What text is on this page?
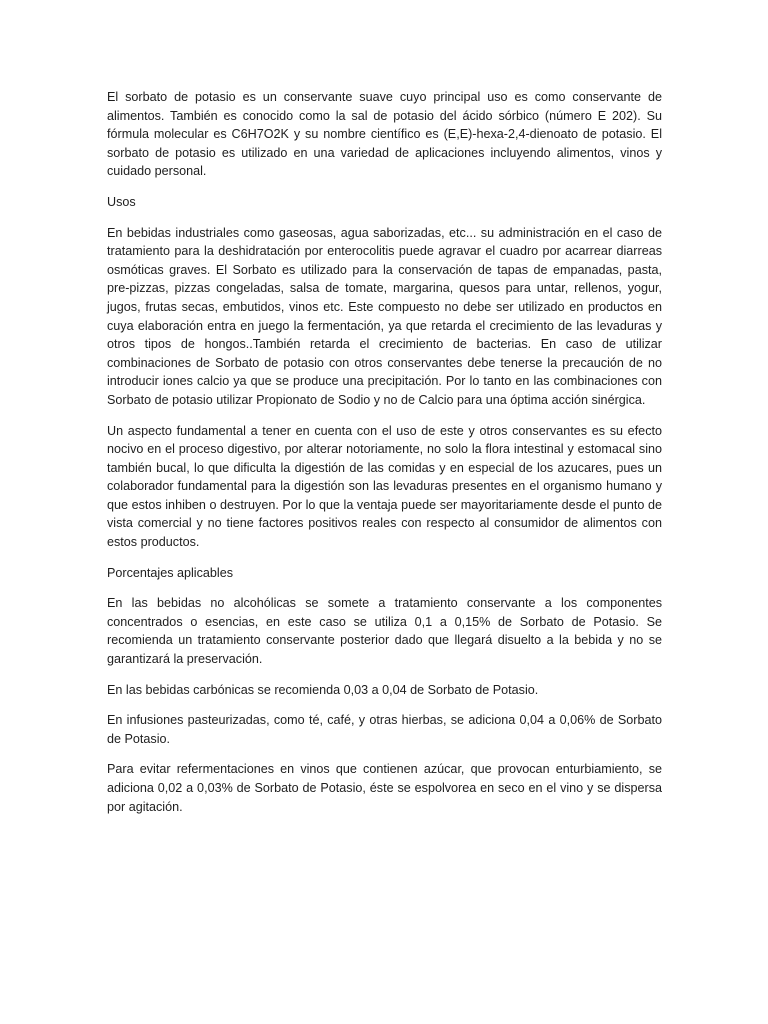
El sorbato de potasio es un conservante suave cuyo principal uso es como conservante de alimentos. También es conocido como la sal de potasio del ácido sórbico (número E 202). Su fórmula molecular es C6H7O2K y su nombre científico es (E,E)-hexa-2,4-dienoato de potasio. El sorbato de potasio es utilizado en una variedad de aplicaciones incluyendo alimentos, vinos y cuidado personal.

Usos

En bebidas industriales como gaseosas, agua saborizadas, etc... su administración en el caso de tratamiento para la deshidratación por enterocolitis puede agravar el cuadro por acarrear diarreas osmóticas graves. El Sorbato es utilizado para la conservación de tapas de empanadas, pasta, pre-pizzas, pizzas congeladas, salsa de tomate, margarina, quesos para untar, rellenos, yogur, jugos, frutas secas, embutidos, vinos etc. Este compuesto no debe ser utilizado en productos en cuya elaboración entra en juego la fermentación, ya que retarda el crecimiento de las levaduras y otros tipos de hongos..También retarda el crecimiento de bacterias. En caso de utilizar combinaciones de Sorbato de potasio con otros conservantes debe tenerse la precaución de no introducir iones calcio ya que se produce una precipitación. Por lo tanto en las combinaciones con Sorbato de potasio utilizar Propionato de Sodio y no de Calcio para una óptima acción sinérgica.

Un aspecto fundamental a tener en cuenta con el uso de este y otros conservantes es su efecto nocivo en el proceso digestivo, por alterar notoriamente, no solo la flora intestinal y estomacal sino también bucal, lo que dificulta la digestión de las comidas y en especial de los azucares, pues un colaborador fundamental para la digestión son las levaduras presentes en el organismo humano y que estos inhiben o destruyen. Por lo que la ventaja puede ser mayoritariamente desde el punto de vista comercial y no tiene factores positivos reales con respecto al consumidor de alimentos con estos productos.

Porcentajes aplicables

En las bebidas no alcohólicas se somete a tratamiento conservante a los componentes concentrados o esencias, en este caso se utiliza 0,1 a 0,15% de Sorbato de Potasio. Se recomienda un tratamiento conservante posterior dado que llegará disuelto a la bebida y no se garantizará la preservación.

En las bebidas carbónicas se recomienda 0,03 a 0,04 de Sorbato de Potasio.

En infusiones pasteurizadas, como té, café, y otras hierbas, se adiciona 0,04 a 0,06% de Sorbato de Potasio.

Para evitar refermentaciones en vinos que contienen azúcar, que provocan enturbiamiento, se adiciona 0,02 a 0,03% de Sorbato de Potasio, éste se espolvorea en seco en el vino y se dispersa por agitación.
